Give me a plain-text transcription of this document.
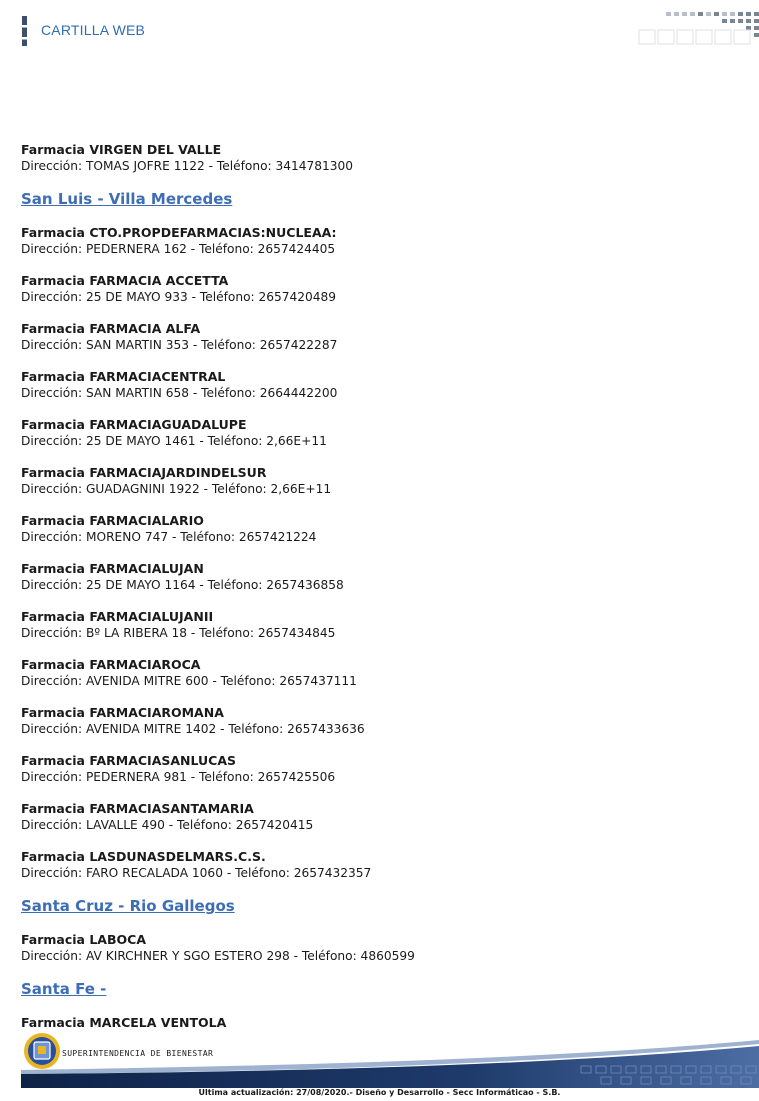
CARTILLA WEB
Farmacia VIRGEN DEL VALLE
Dirección: TOMAS JOFRE 1122 - Teléfono: 3414781300
San Luis - Villa Mercedes
Farmacia CTO.PROPDEFARMACIAS:NUCLEAA:
Dirección: PEDERNERA 162 - Teléfono: 2657424405
Farmacia FARMACIA ACCETTA
Dirección: 25 DE MAYO 933 - Teléfono: 2657420489
Farmacia FARMACIA ALFA
Dirección: SAN MARTIN 353 - Teléfono: 2657422287
Farmacia FARMACIACENTRAL
Dirección: SAN MARTIN 658 - Teléfono: 2664442200
Farmacia FARMACIAGUADALUPE
Dirección: 25 DE MAYO 1461 - Teléfono: 2,66E+11
Farmacia FARMACIAJARDINDELSUR
Dirección: GUADAGNINI 1922 - Teléfono: 2,66E+11
Farmacia FARMACIALARIO
Dirección: MORENO 747 - Teléfono: 2657421224
Farmacia FARMACIALUJAN
Dirección: 25 DE MAYO 1164 - Teléfono: 2657436858
Farmacia FARMACIALUJANII
Dirección: Bº LA RIBERA 18 - Teléfono: 2657434845
Farmacia FARMACIAROCA
Dirección: AVENIDA MITRE 600 - Teléfono: 2657437111
Farmacia FARMACIAROMANA
Dirección: AVENIDA MITRE 1402 - Teléfono: 2657433636
Farmacia FARMACIASANLUCAS
Dirección: PEDERNERA 981 - Teléfono: 2657425506
Farmacia FARMACIASANTAMARIA
Dirección: LAVALLE 490 - Teléfono: 2657420415
Farmacia LASDUNASDELMARS.C.S.
Dirección: FARO RECALADA 1060 - Teléfono: 2657432357
Santa Cruz - Rio Gallegos
Farmacia LABOCA
Dirección: AV KIRCHNER Y SGO ESTERO 298 - Teléfono: 4860599
Santa Fe -
Farmacia MARCELA VENTOLA
SUPERINTENDENCIA DE BIENESTAR
Ultima actualización: 27/08/2020.- Diseño y Desarrollo - Secc Informáticao - S.B.
